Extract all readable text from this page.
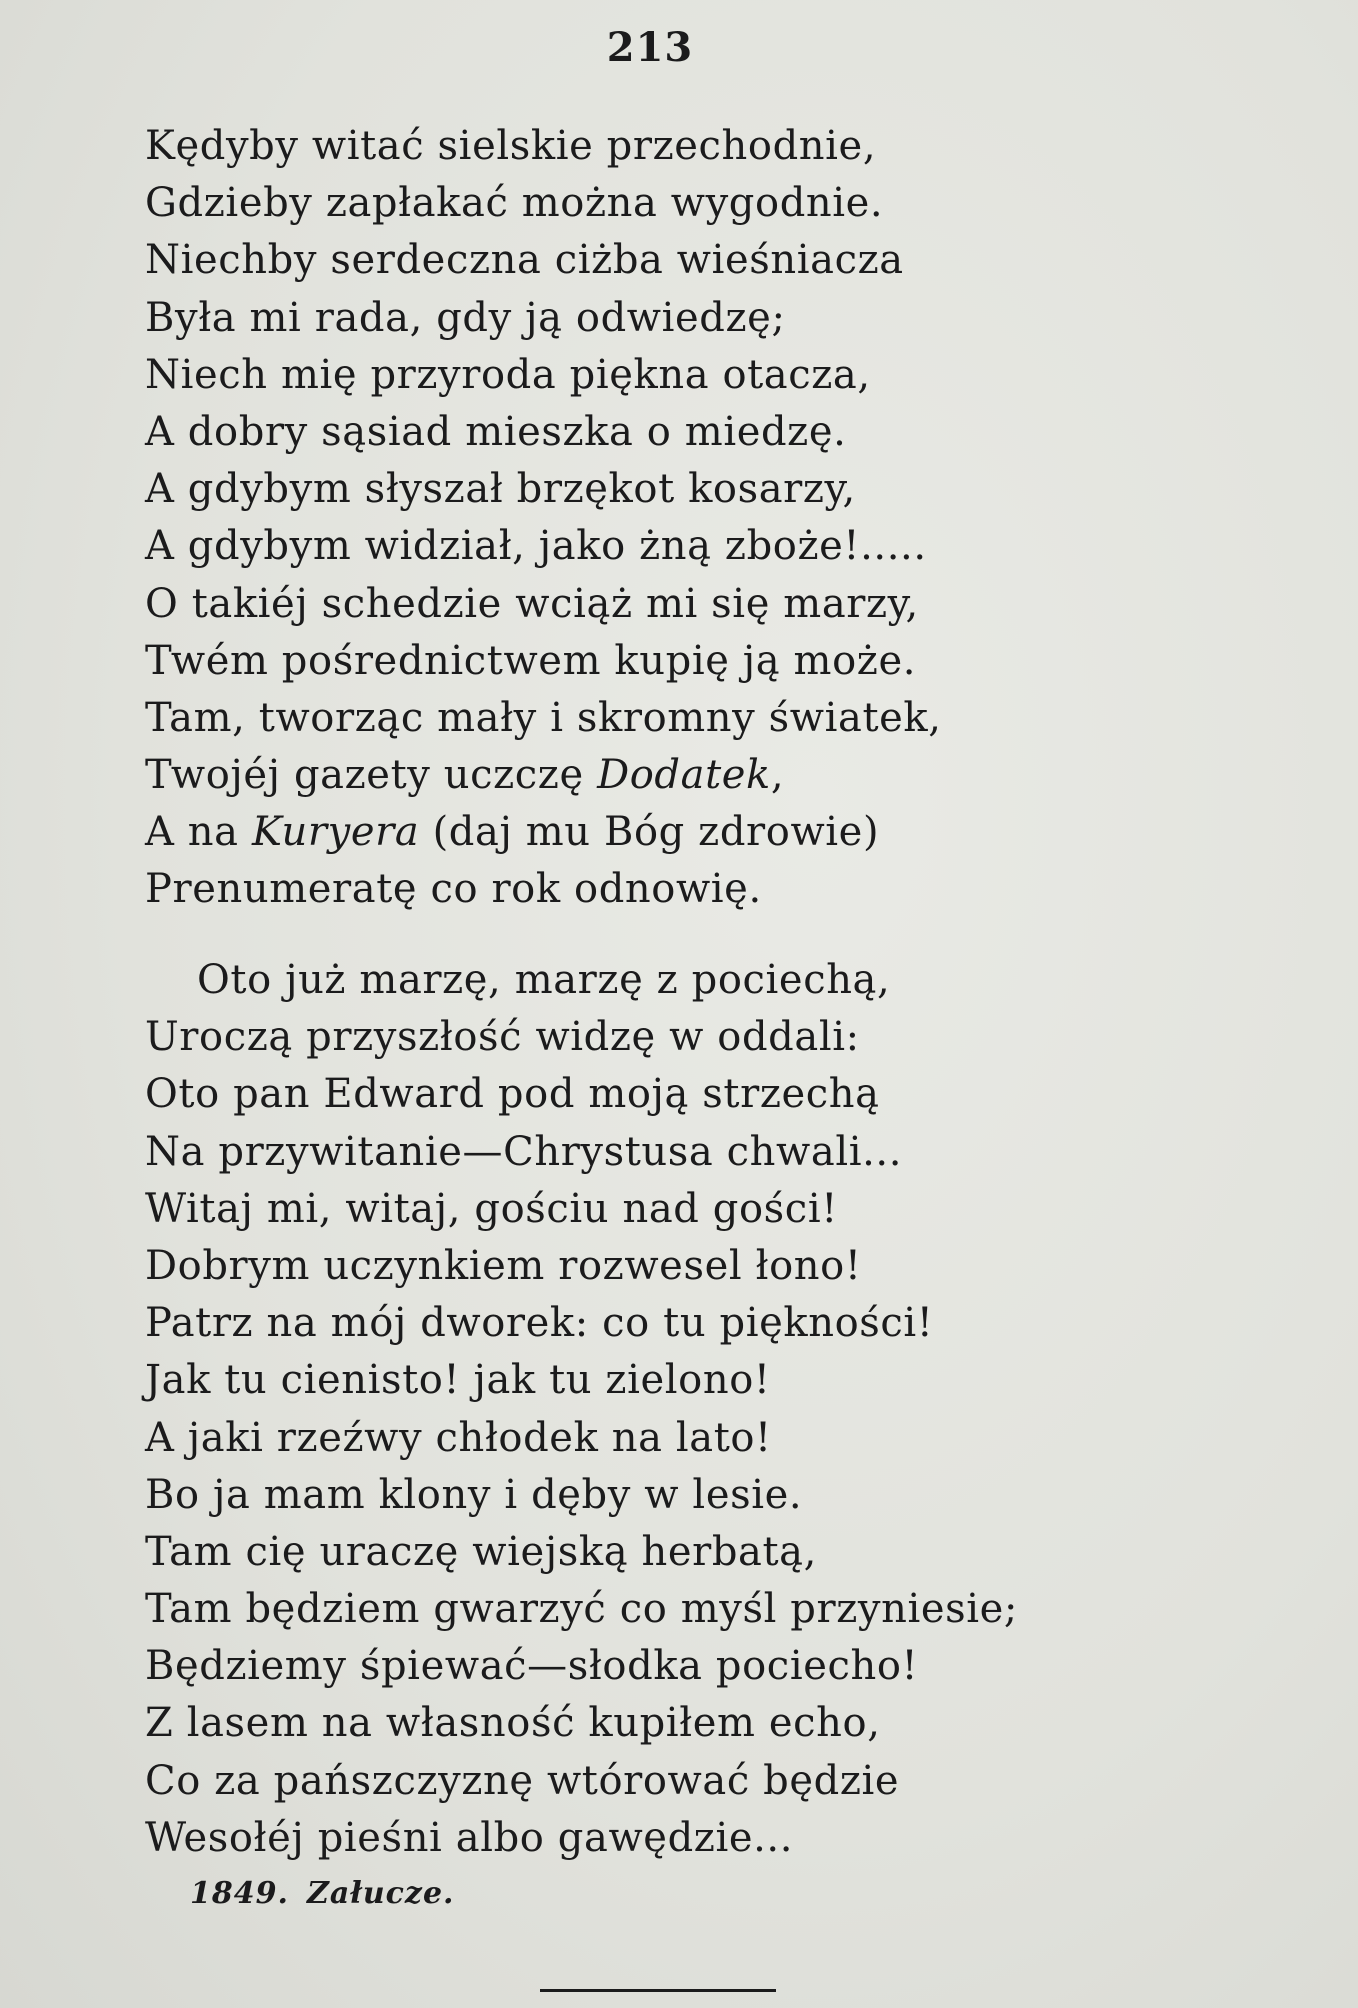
213
Kędyby witać sielskie przechodnie,
Gdzieby zapłakać można wygodnie.
Niechby serdeczna ciżba wieśniacza
Była mi rada, gdy ją odwiedzę;
Niech mię przyroda piękna otacza,
A dobry sąsiad mieszka o miedzę.
A gdybym słyszał brzękot kosarzy,
A gdybym widział, jako żną zboże!.....
O takiéj schedzie wciąż mi się marzy,
Twém pośrednictwem kupię ją może.
Tam, tworząc mały i skromny światek,
Twojéj gazety uczczę Dodatek,
A na Kuryera (daj mu Bóg zdrowie)
Prenumeratę co rok odnowię.
Oto już marzę, marzę z pociechą,
Uroczą przyszłość widzę w oddali:
Oto pan Edward pod moją strzechą
Na przywitanie—Chrystusa chwali...
Witaj mi, witaj, gościu nad gości!
Dobrym uczynkiem rozwesel łono!
Patrz na mój dworek: co tu piękności!
Jak tu cienisto! jak tu zielono!
A jaki rzeźwy chłodek na lato!
Bo ja mam klony i dęby w lesie.
Tam cię uraczę wiejską herbatą,
Tam będziem gwarzyć co myśl przyniesie;
Będziemy śpiewać—słodka pociecho!
Z lasem na własność kupiłem echo,
Co za pańszczyznę wtórować będzie
Wesołéj pieśni albo gawędzie...
1849. Załucze.
